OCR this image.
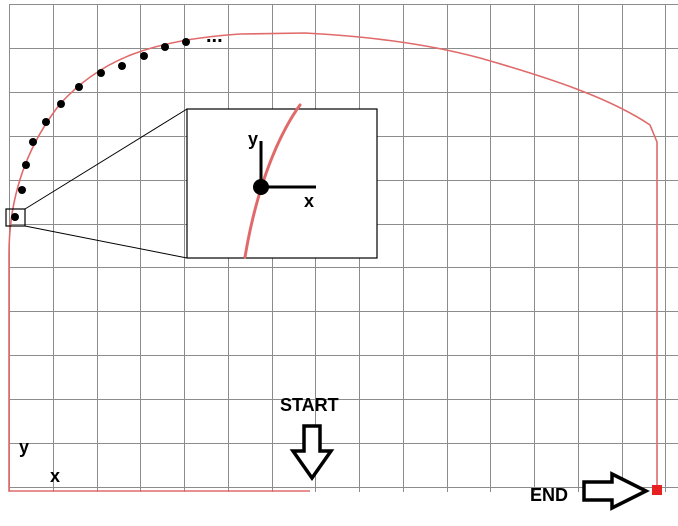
...
y
x
y
x
START
END
